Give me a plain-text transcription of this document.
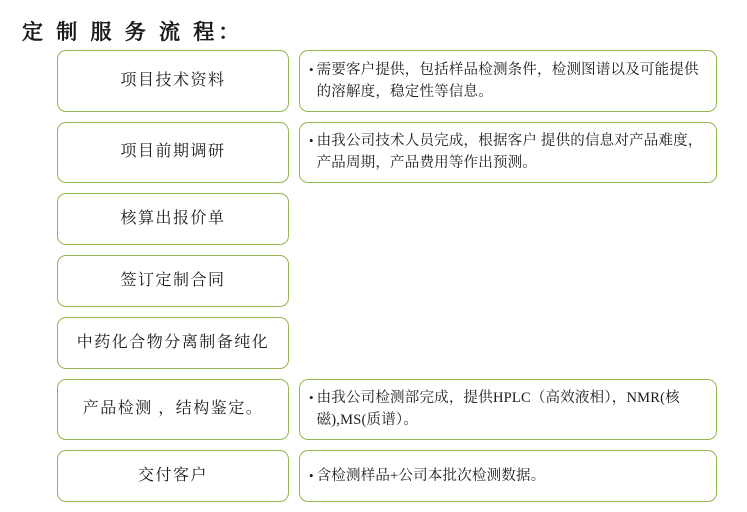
定 制 服 务 流 程：
项目技术资料
• 需要客户提供，包括样品检测条件，检测图谱以及可能提供的溶解度，稳定性等信息。
项目前期调研
• 由我公司技术人员完成，根据客户 提供的信息对产品难度，产品周期，产品费用等作出预测。
核算出报价单
签订定制合同
中药化合物分离制备纯化
产品检测 ，结构鉴定。
• 由我公司检测部完成，提供HPLC（高效液相），NMR(核磁),MS(质谱）。
交付客户	• 含检测样品+公司本批次检测数据。
